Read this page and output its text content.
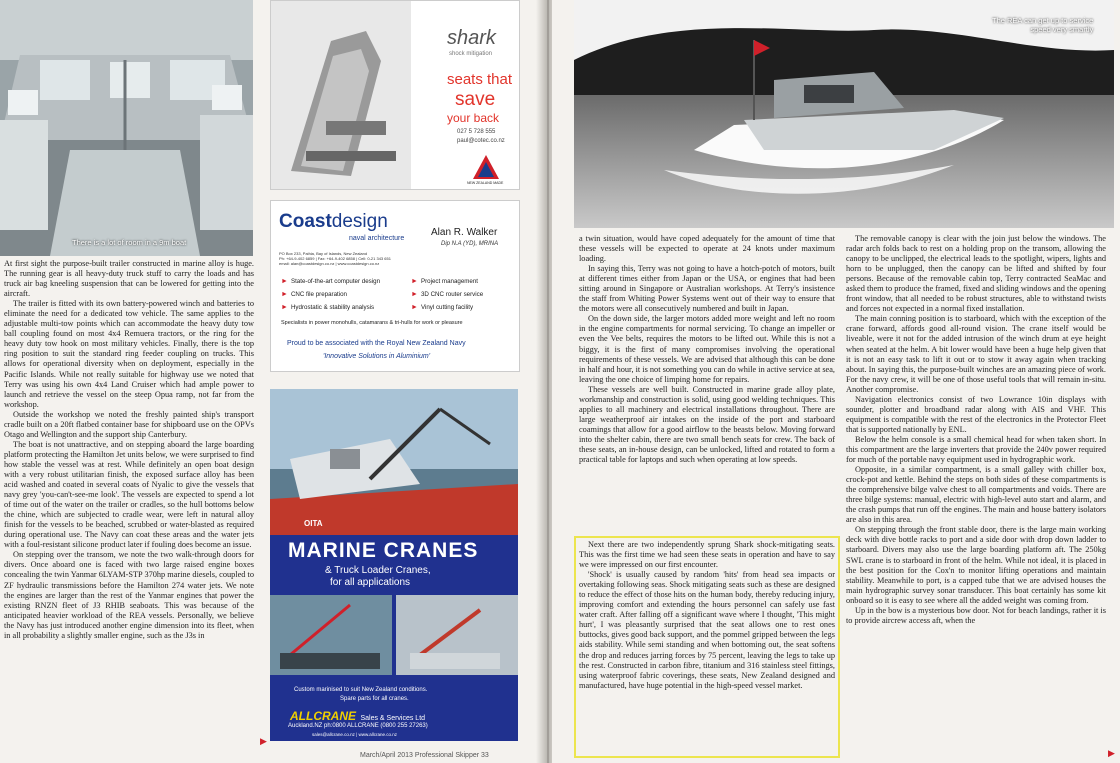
There is a lot of room in a 9m boat

At first sight the purpose-built trailer constructed in marine alloy is huge. The running gear is all heavy-duty truck stuff to carry the loads and has truck air bag kneeling suspension that can be lowered for getting into the aircraft.

The trailer is fitted with its own battery-powered winch and batteries to eliminate the need for a dedicated tow vehicle. The same applies to the adjustable multi-tow points which can accommodate the heavy duty tow ball coupling found on most 4x4 Remuera tractors, or the ring for the heavy duty tow hook on most military vehicles. Finally, there is the top ring position to suit the standard ring feeder coupling on trucks. This allows for operational diversity when on deployment, especially in the Pacific Islands. While not really suitable for highway use we noted that Terry was using his own 4x4 Land Cruiser which had ample power to launch and retrieve the vessel on the steep Opua ramp, not far from the workshop.

Outside the workshop we noted the freshly painted ship's transport cradle built on a 20ft flatbed container base for shipboard use on the OPVs Otago and Wellington and the support ship Canterbury.

The boat is not unattractive, and on stepping aboard the large boarding platform protecting the Hamilton Jet units below, we were surprised to find how stable the vessel was at rest. While definitely an open boat design with a very robust utilitarian finish, the exposed surface alloy has been acid washed and coated in several coats of Nyalic to give the vessels that navy grey 'you-can't-see-me look'. The vessels are expected to spend a lot of time out of the water on the trailer or cradles, so the hull bottoms below the chine, which are subjected to cradle wear, were left in natural alloy finish for the vessels to be beached, scrubbed or water-blasted as required during operational use. The Navy can coat these areas and the water jets with a foul-resistant silicone product later if fouling does become an issue.

On stepping over the transom, we note the two walk-through doors for divers. Once aboard one is faced with two large raised engine boxes concealing the twin Yanmar 6LYAM-STP 370hp marine diesels, coupled to ZF hydraulic transmissions before the Hamilton 274 water jets. We note the engines are larger than the rest of the Yanmar engines that power the existing RNZN fleet of J3 RHIB seaboats. This was because of the anticipated heavier workload of the REA vessels. Personally, we believe the Navy has just introduced another engine dimension into its fleet, when in all probability a slightly smaller engine, such as the J3s in

▶
shark
shock mitigation
seats that
save
your back
027 5 728 555
paul@cotec.co.nz
NEW ZEALAND MADE
Coastdesign
naval architecture
Alan R. Walker
Dip N.A (YD), MRINA
PO Box 233, Paihia, Bay of Islands, New Zealand
Ph: +64-9-402 6859 | Fax: +64-9-402 6858 | Cell: 0-21 343 651
email: alan@coastdesign.co.nz | www.coastdesign.co.nz
► State-of-the-art computer design
► CNC file preparation
► Hydrostatic & stability analysis
► Project management
► 3D CNC router service
► Vinyl cutting facility
Specialists in power monohulls, catamarans & tri-hulls for work or pleasure
Proud to be associated with the Royal New Zealand Navy
'Innovative Solutions in Aluminium'
OITA
MARINE CRANES
& Truck Loader Cranes,
for all applications
Custom marinised to suit New Zealand conditions.
Spare parts for all cranes.
ALLCRANE Sales & Services Ltd
Auckland.NZ ph:0800 ALLCRANE (0800 255 27263)
sales@allcrane.co.nz | www.allcrane.co.nz
March/April 2013 Professional Skipper 33
The REA can get up to service
speed very smartly

a twin situation, would have coped adequately for the amount of time that these vessels will be expected to operate at 24 knots under maximum loading.

In saying this, Terry was not going to have a hotch-potch of motors, built at different times either from Japan or the USA, or engines that had been sitting around in Singapore or Australian workshops. At Terry's insistence the staff from Whiting Power Systems went out of their way to ensure that the motors were all consecutively numbered and built in Japan.

On the down side, the larger motors added more weight and left no room in the engine compartments for normal servicing. To change an impeller or even the Vee belts, requires the motors to be lifted out. While this is not a biggy, it is the first of many compromises involving the operational requirements of these vessels. We are advised that although this can be done in half and hour, it is not something you can do while in active service at sea, leaving the one choice of limping home for repairs.

These vessels are well built. Constructed in marine grade alloy plate, workmanship and construction is solid, using good welding techniques. This applies to all machinery and electrical installations throughout. There are large weatherproof air intakes on the inside of the port and starboard coamings that allow for a good airflow to the beasts below. Moving forward into the shelter cabin, there are two small bench seats for crew. The back of these seats, an in-house design, can be unlocked, lifted and rotated to form a practical table for laptops and such when operating at low speeds.

Next there are two independently sprung Shark shock-mitigating seats. This was the first time we had seen these seats in operation and have to say we were impressed on our first encounter.

'Shock' is usually caused by random 'hits' from head sea impacts or overtaking following seas. Shock mitigating seats such as these are designed to reduce the effect of those hits on the human body, thereby reducing injury, improving comfort and extending the hours personnel can safely use fast water craft. After falling off a significant wave where I thought, 'This might hurt', I was pleasantly surprised that the seat allows one to rest ones buttocks, gives good back support, and the pommel gripped between the legs aids stability. While semi standing and when bottoming out, the seat softens the drop and reduces jarring forces by 75 percent, leaving the legs to take up the rest. Constructed in carbon fibre, titanium and 316 stainless steel fittings, using waterproof fabric coverings, these seats, New Zealand designed and manufactured, have huge potential in the high-speed vessel market.

The removable canopy is clear with the join just below the windows. The radar arch folds back to rest on a holding prop on the transom, allowing the canopy to be unclipped, the electrical leads to the spotlight, wipers, lights and horn to be unplugged, then the canopy can be lifted and shifted by four persons. Because of the removable cabin top, Terry contracted SeaMac and asked them to produce the framed, fixed and sliding windows and the opening front window, that all needed to be robust structures, able to withstand twists and forces not expected in a normal fixed installation.

The main conning position is to starboard, which with the exception of the crane forward, affords good all-round vision. The crane itself would be liveable, were it not for the added intrusion of the winch drum at eye height when seated at the helm. A bit lower would have been a huge help given that it is not an easy task to lift it out or to stow it away again when tracking about. In saying this, the purpose-built winches are an amazing piece of work. For the navy crew, it will be one of those useful tools that will remain in-situ. Another compromise.

Navigation electronics consist of two Lowrance 10in displays with sounder, plotter and broadband radar along with AIS and VHF. This equipment is compatible with the rest of the electronics in the Protector Fleet that is supported nationally by ENL.

Below the helm console is a small chemical head for when taken short. In this compartment are the large inverters that provide the 240v power required for much of the portable navy equipment used in hydrographic work.

Opposite, in a similar compartment, is a small galley with chiller box, crock-pot and kettle. Behind the steps on both sides of these compartments is the comprehensive bilge valve chest to all compartments and voids. There are three bilge systems: manual, electric with high-level auto start and alarm, and the crash pumps that run off the engines. The main and house battery isolators are also in this area.

On stepping through the front stable door, there is the large main working deck with dive bottle racks to port and a side door with drop down ladder to starboard. Divers may also use the large boarding platform aft. The 250kg SWL crane is to starboard in front of the helm. While not ideal, it is placed in the best position for the Cox'n to monitor lifting operations and maintain stability. Meanwhile to port, is a capped tube that we are advised houses the main hydrographic survey sonar transducer. This boat certainly has some kit onboard so it is easy to see where all the added weight was coming from.

Up in the bow is a mysterious bow door. Not for beach landings, rather it is to provide aircrew access aft, when the

▶
